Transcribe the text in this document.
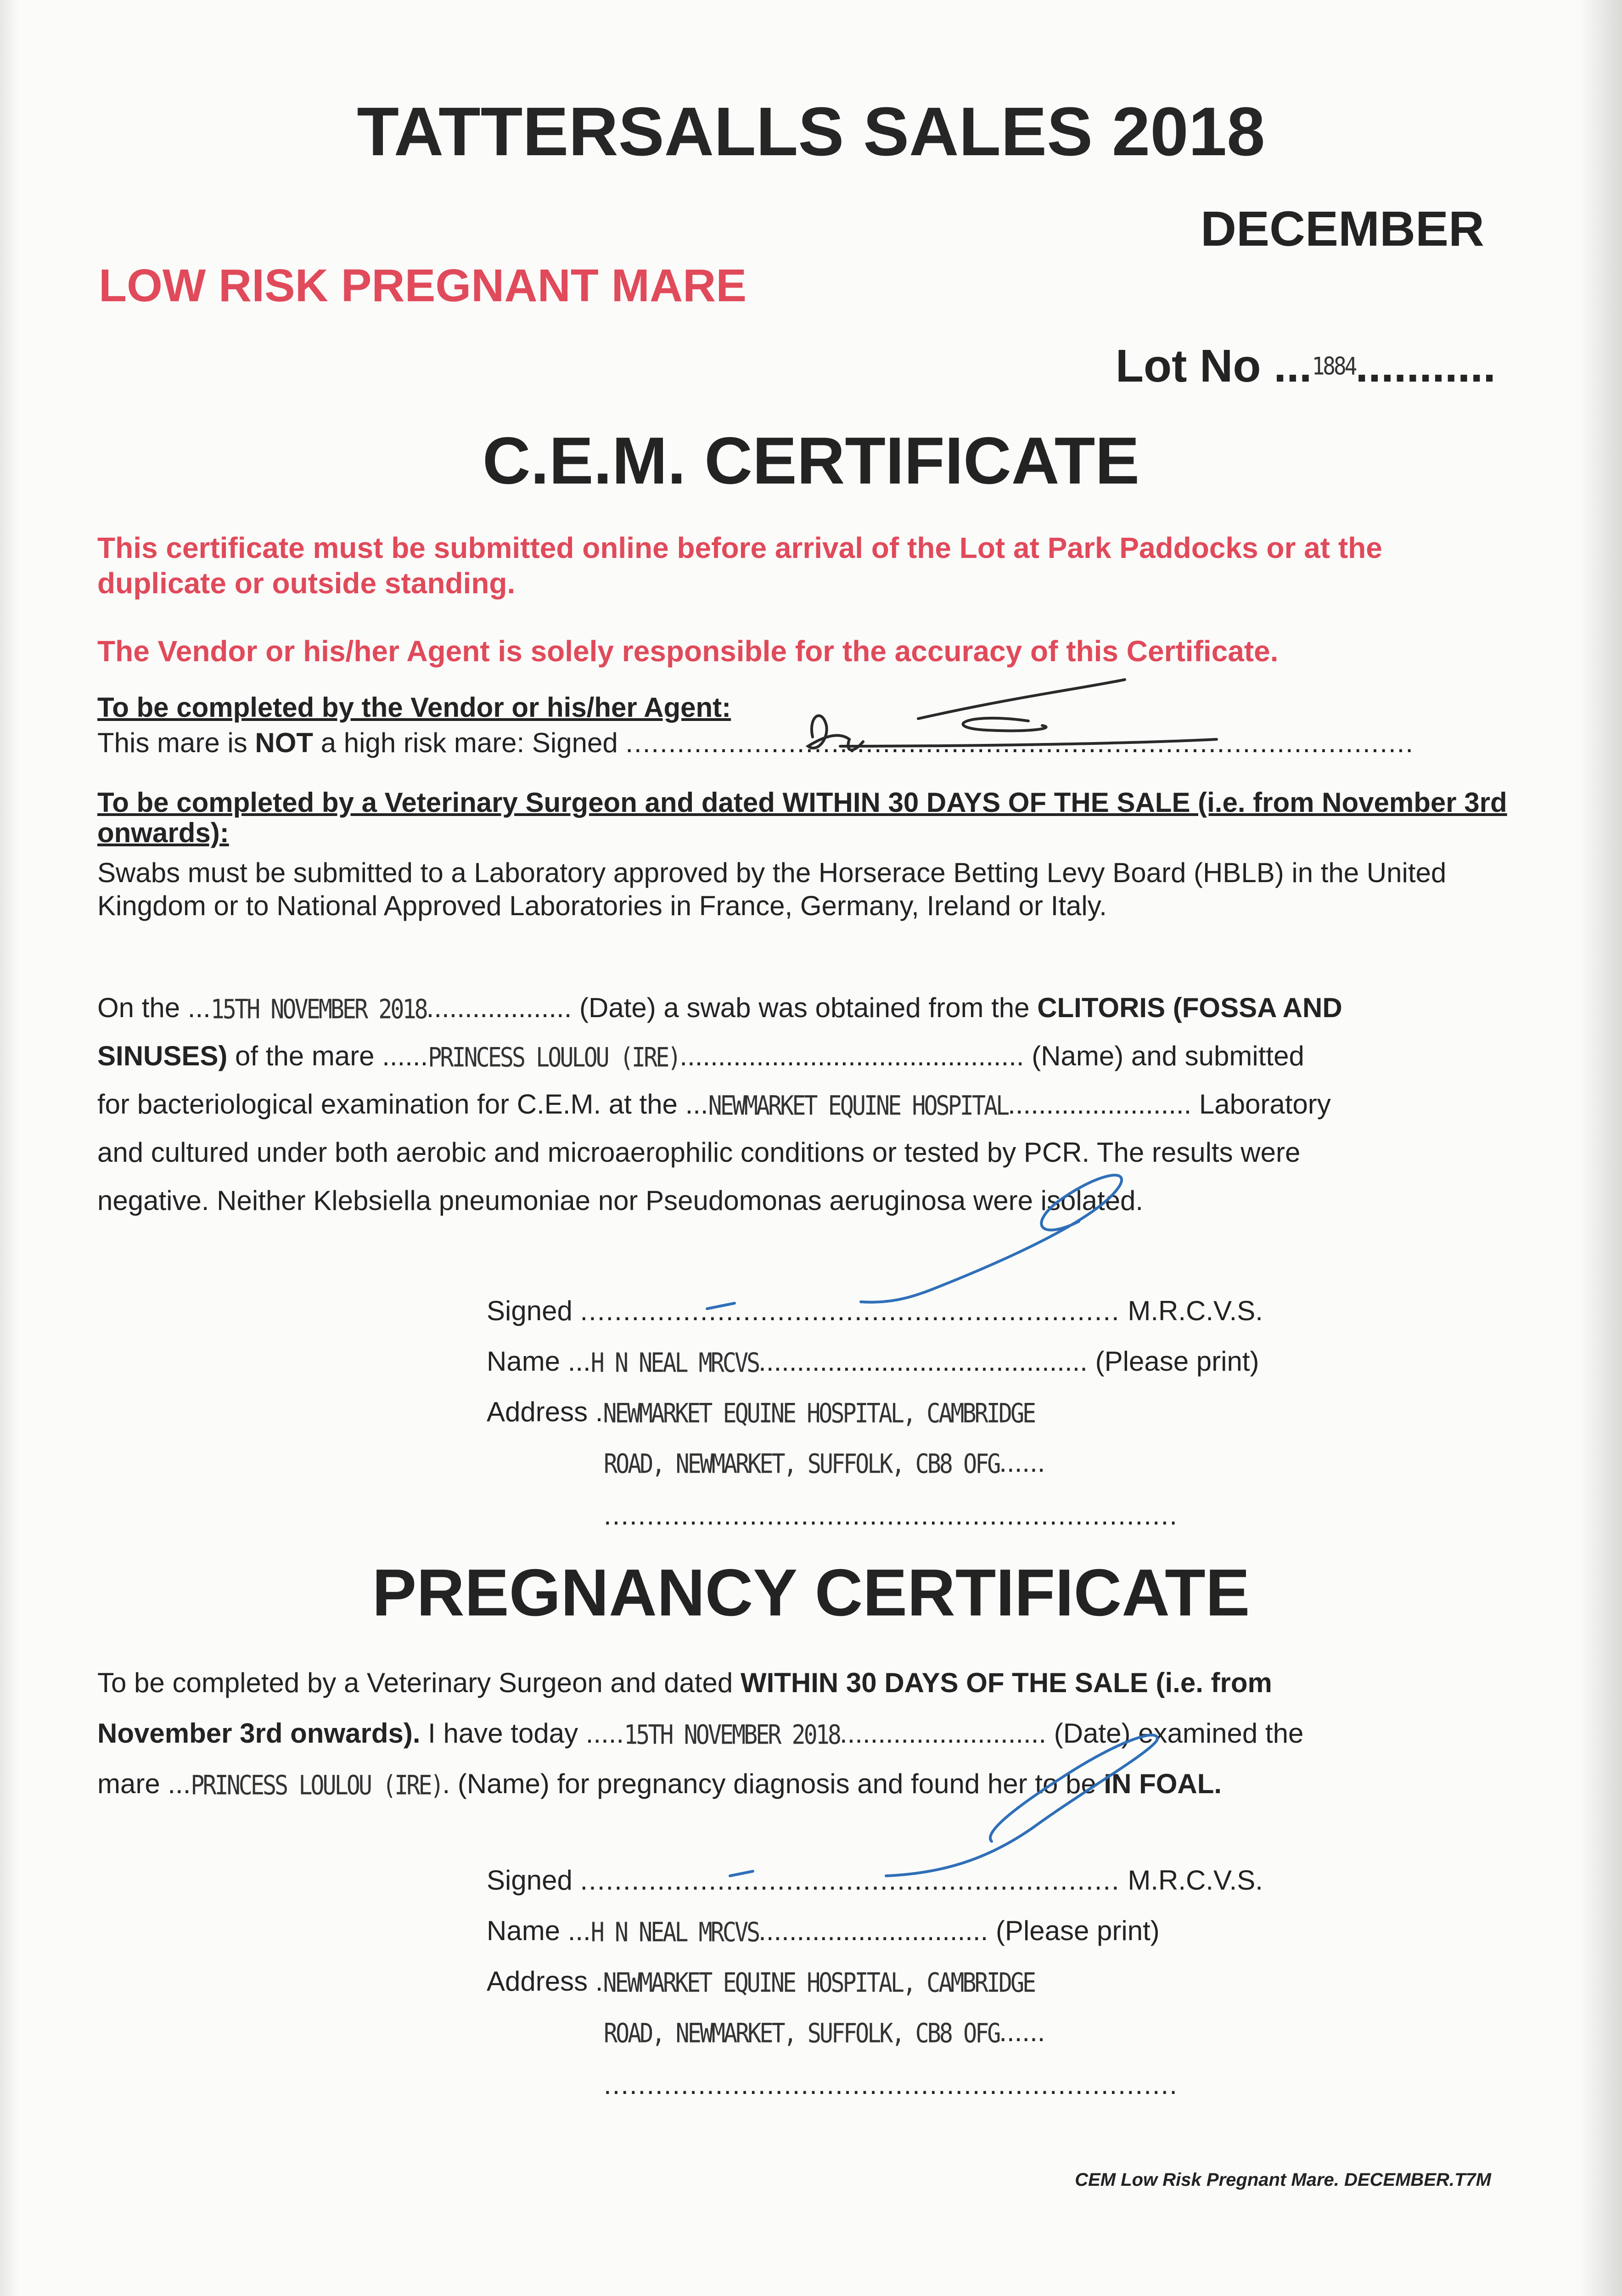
TATTERSALLS SALES 2018
DECEMBER
LOW RISK PREGNANT MARE
Lot No ...1884...........
C.E.M. CERTIFICATE
This certificate must be submitted online before arrival of the Lot at Park Paddocks or at the duplicate or outside standing.
The Vendor or his/her Agent is solely responsible for the accuracy of this Certificate.
To be completed by the Vendor or his/her Agent:
This mare is NOT a high risk mare: Signed ............................................................................................
To be completed by a Veterinary Surgeon and dated WITHIN 30 DAYS OF THE SALE (i.e. from November 3rd onwards):
Swabs must be submitted to a Laboratory approved by the Horserace Betting Levy Board (HBLB) in the United Kingdom or to National Approved Laboratories in France, Germany, Ireland or Italy.
On the ...15TH NOVEMBER 2018................... (Date) a swab was obtained from the CLITORIS (FOSSA AND
SINUSES) of the mare ......PRINCESS LOULOU (IRE)............................................. (Name) and submitted
for bacteriological examination for C.E.M. at the ...NEWMARKET EQUINE HOSPITAL........................ Laboratory
and cultured under both aerobic and microaerophilic conditions or tested by PCR. The results were
negative. Neither Klebsiella pneumoniae nor Pseudomonas aeruginosa were isolated.
Signed ............................................................... M.R.C.V.S.
Name ...H N NEAL MRCVS........................................... (Please print)
Address .NEWMARKET EQUINE HOSPITAL, CAMBRIDGE
ROAD, NEWMARKET, SUFFOLK, CB8 OFG......
...................................................................
PREGNANCY CERTIFICATE
To be completed by a Veterinary Surgeon and dated WITHIN 30 DAYS OF THE SALE (i.e. from
November 3rd onwards). I have today .....15TH NOVEMBER 2018........................... (Date) examined the
mare ...PRINCESS LOULOU (IRE). (Name) for pregnancy diagnosis and found her to be IN FOAL.
Signed ............................................................... M.R.C.V.S.
Name ...H N NEAL MRCVS.............................. (Please print)
Address .NEWMARKET EQUINE HOSPITAL, CAMBRIDGE
ROAD, NEWMARKET, SUFFOLK, CB8 OFG......
...................................................................
CEM Low Risk Pregnant Mare. DECEMBER.T7M
